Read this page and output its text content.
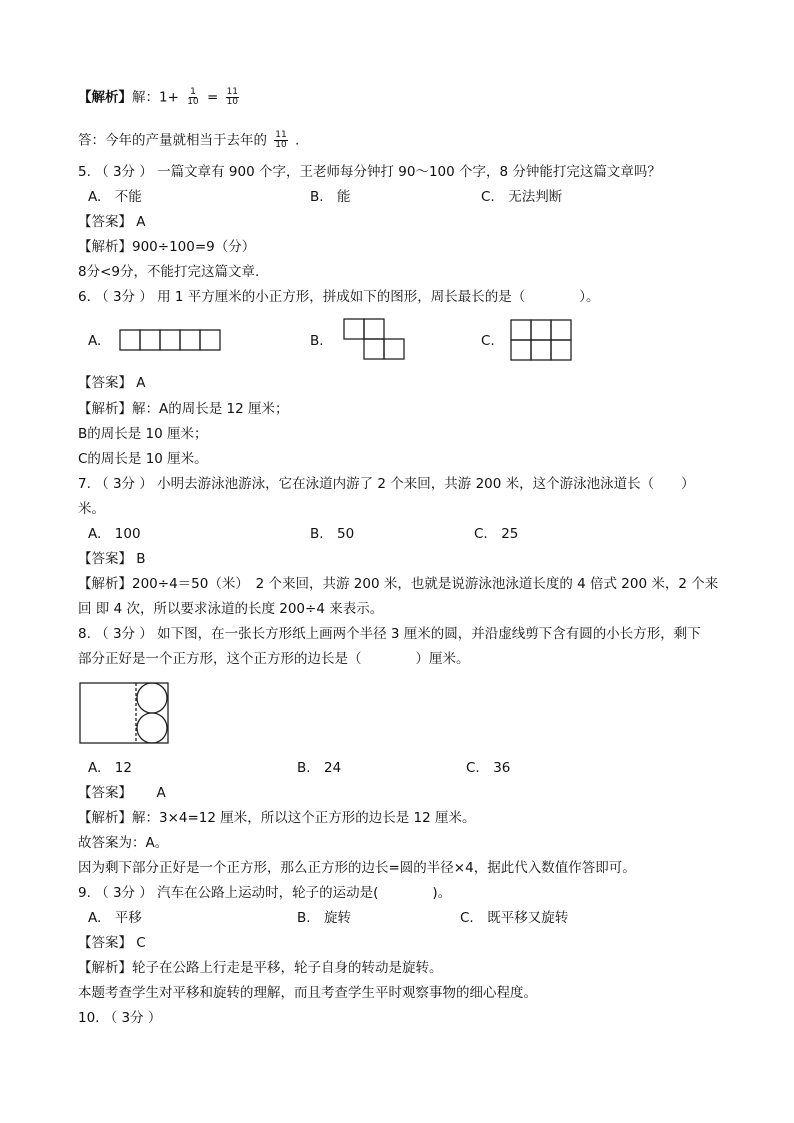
【解析】解：$1+ \frac{1}{10} = \frac{11}{10}$
答：今年的产量就相当于去年的 $\frac{11}{10}$ .
5. （ 3分 ） 一篇文章有 900 个字，王老师每分钟打 90～100 个字，8 分钟能打完这篇文章吗？
A.　不能	B.　能	C.　无法判断
【答案】 A
【解析】900÷100=9（分）
8分<9分，不能打完这篇文章.
6. （ 3分 ） 用 1 平方厘米的小正方形，拼成如下的图形，周长最长的是（　　　　）。
A.	B.	C.
【答案】 A
【解析】解：A的周长是 12 厘米；
B的周长是 10 厘米；
C的周长是 10 厘米。
7. （ 3分 ） 小明去游泳池游泳，它在泳道内游了 2 个来回，共游 200 米，这个游泳池泳道长（　　）
米。
A.　100	B.　50	C.　25
【答案】 B
【解析】200÷4＝50（米）　2 个来回，共游 200 米，也就是说游泳池泳道长度的 4 倍式 200 米，2 个来
回 即 4 次，所以要求泳道的长度 200÷4 来表示。
8. （ 3分 ） 如下图，在一张长方形纸上画两个半径 3 厘米的圆，并沿虚线剪下含有圆的小长方形，剩下
部分正好是一个正方形，这个正方形的边长是（　　　　）厘米。
A.　12	B.　24	C.　36
【答案】　　 A
【解析】解：3×4=12 厘米，所以这个正方形的边长是 12 厘米。
故答案为：A。
因为剩下部分正好是一个正方形，那么正方形的边长=圆的半径×4，据此代入数值作答即可。
9. （ 3分 ） 汽车在公路上运动时，轮子的运动是(　　　　)。
A.　平移	B.　旋转	C.　既平移又旋转
【答案】 C
【解析】轮子在公路上行走是平移，轮子自身的转动是旋转。
本题考查学生对平移和旋转的理解，而且考查学生平时观察事物的细心程度。
10. （ 3分 ）
